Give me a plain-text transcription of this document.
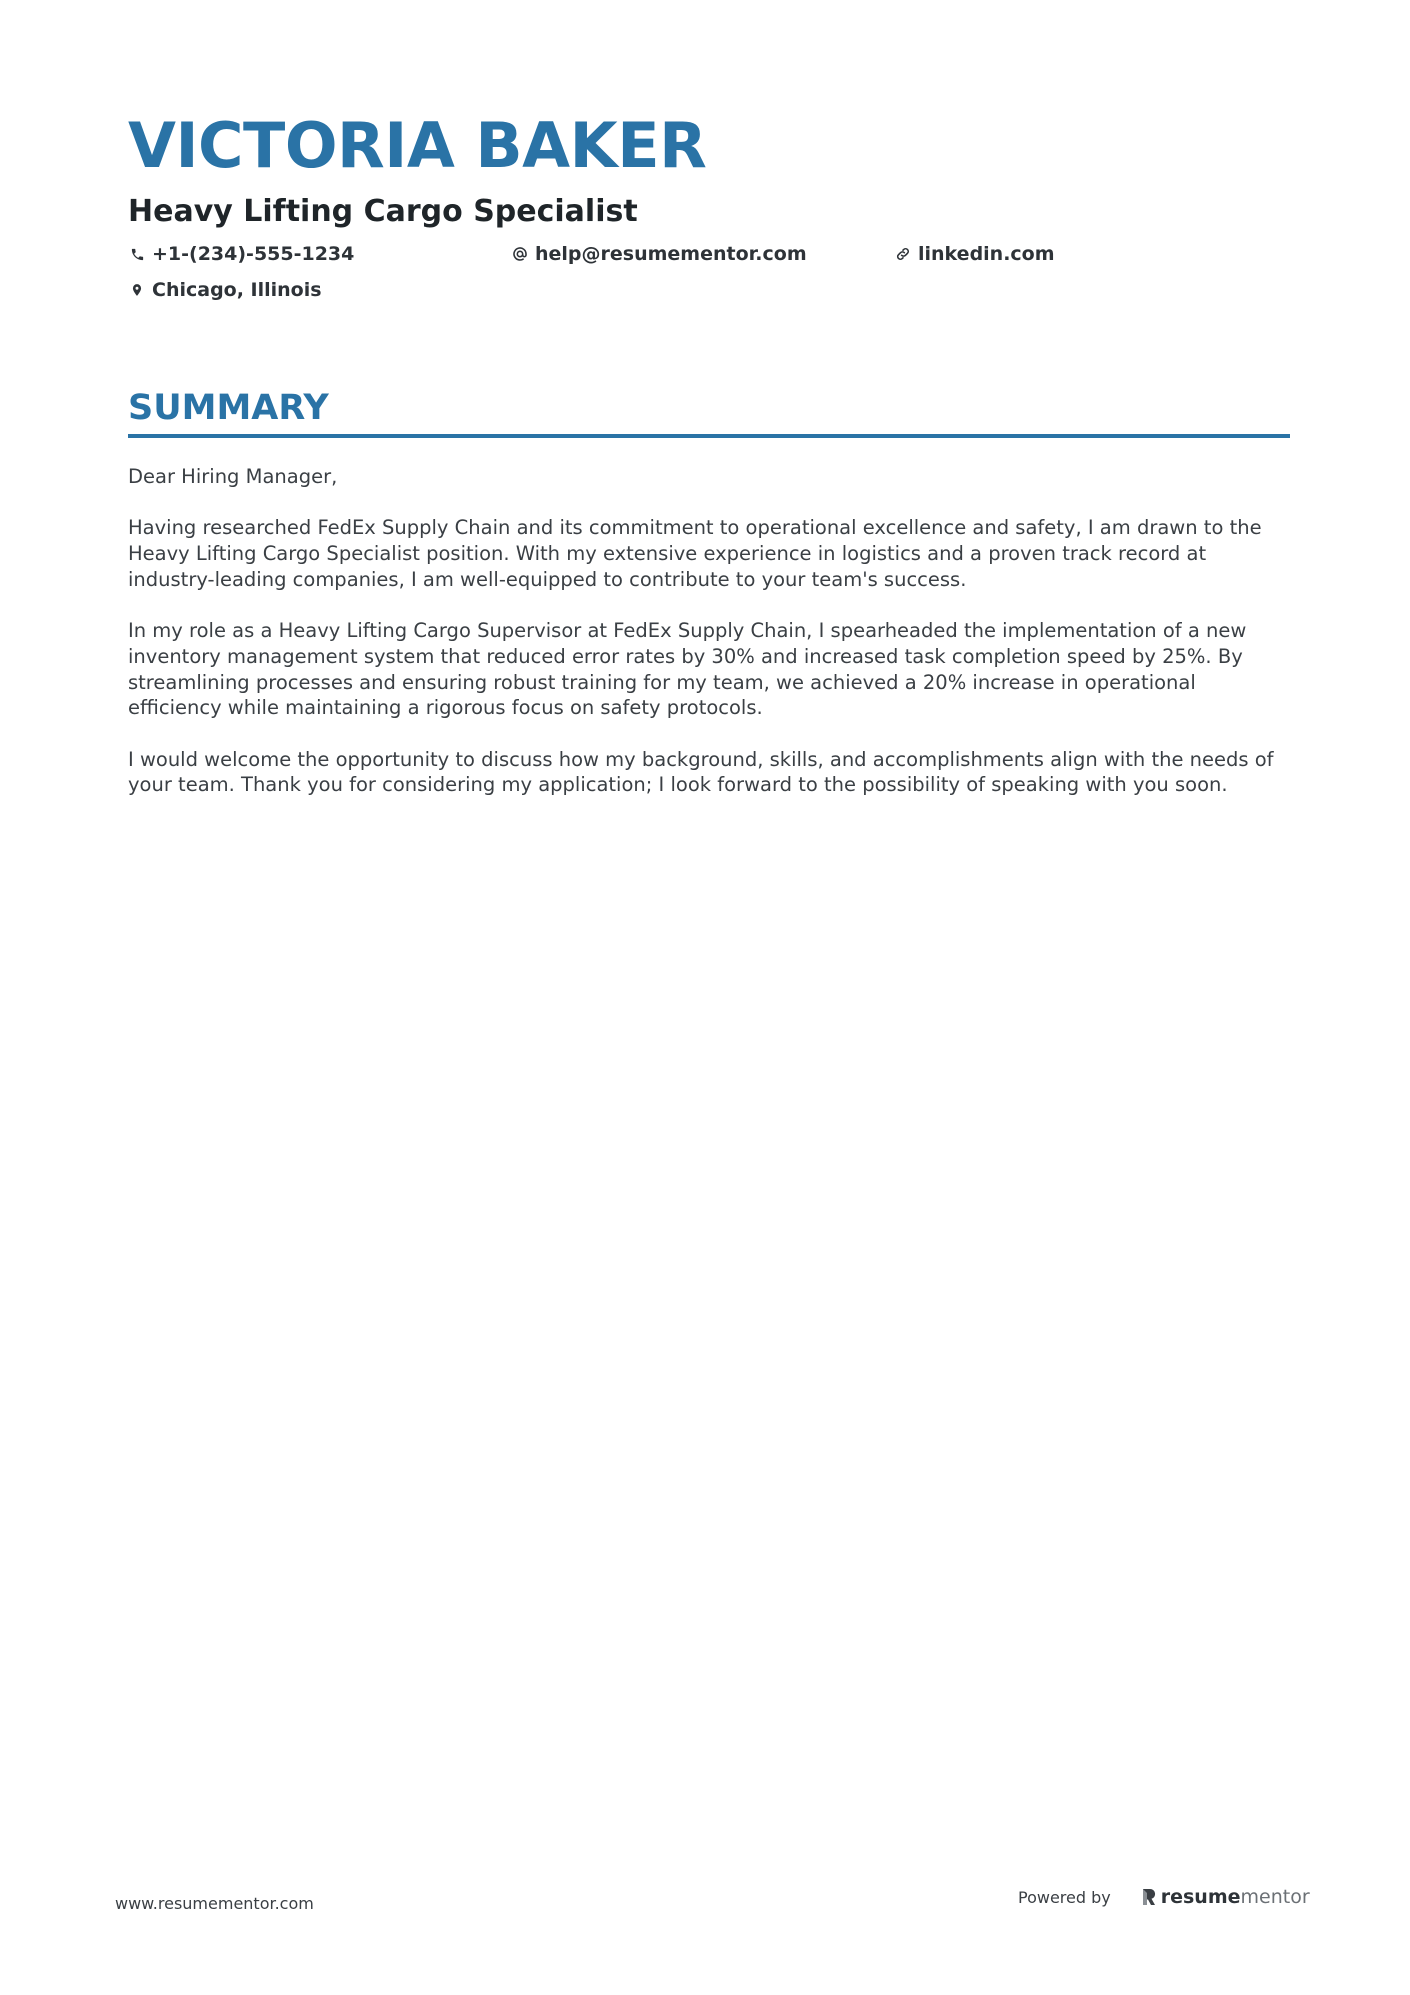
VICTORIA BAKER
Heavy Lifting Cargo Specialist
+1-(234)-555-1234	help@resumementor.com	linkedin.com
Chicago, Illinois
SUMMARY

Dear Hiring Manager,

Having researched FedEx Supply Chain and its commitment to operational excellence and safety, I am drawn to the Heavy Lifting Cargo Specialist position. With my extensive experience in logistics and a proven track record at industry-leading companies, I am well-equipped to contribute to your team's success.

In my role as a Heavy Lifting Cargo Supervisor at FedEx Supply Chain, I spearheaded the implementation of a new inventory management system that reduced error rates by 30% and increased task completion speed by 25%. By streamlining processes and ensuring robust training for my team, we achieved a 20% increase in operational efficiency while maintaining a rigorous focus on safety protocols.

I would welcome the opportunity to discuss how my background, skills, and accomplishments align with the needs of your team. Thank you for considering my application; I look forward to the possibility of speaking with you soon.

www.resumementor.com	Powered by	resume mentor
